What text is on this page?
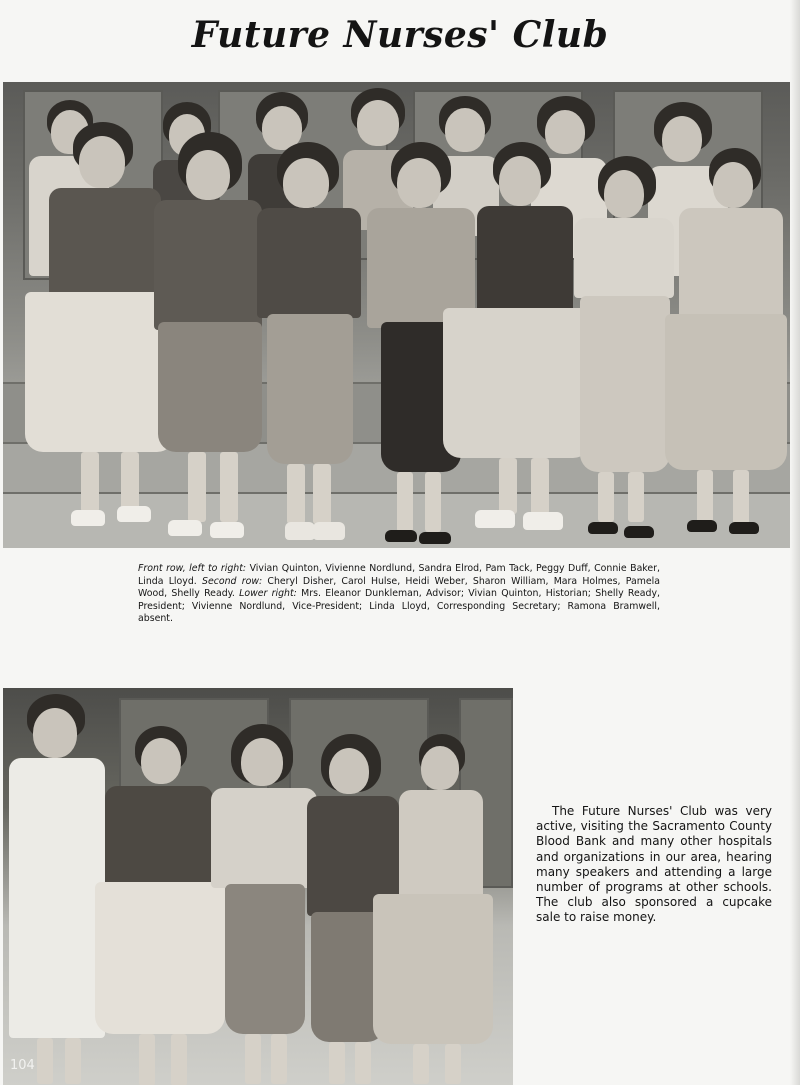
Future Nurses' Club

Front row, left to right: Vivian Quinton, Vivienne Nordlund, Sandra Elrod, Pam Tack, Peggy Duff, Connie Baker, Linda Lloyd. Second row: Cheryl Disher, Carol Hulse, Heidi Weber, Sharon William, Mara Holmes, Pamela Wood, Shelly Ready. Lower right: Mrs. Eleanor Dunkleman, Advisor; Vivian Quinton, Historian; Shelly Ready, President; Vivienne Nordlund, Vice-President; Linda Lloyd, Corresponding Secretary; Ramona Bramwell, absent.

The Future Nurses' Club was very active, visiting the Sacramento County Blood Bank and many other hospitals and organizations in our area, hearing many speakers and attending a large number of programs at other schools. The club also sponsored a cupcake sale to raise money.

104
